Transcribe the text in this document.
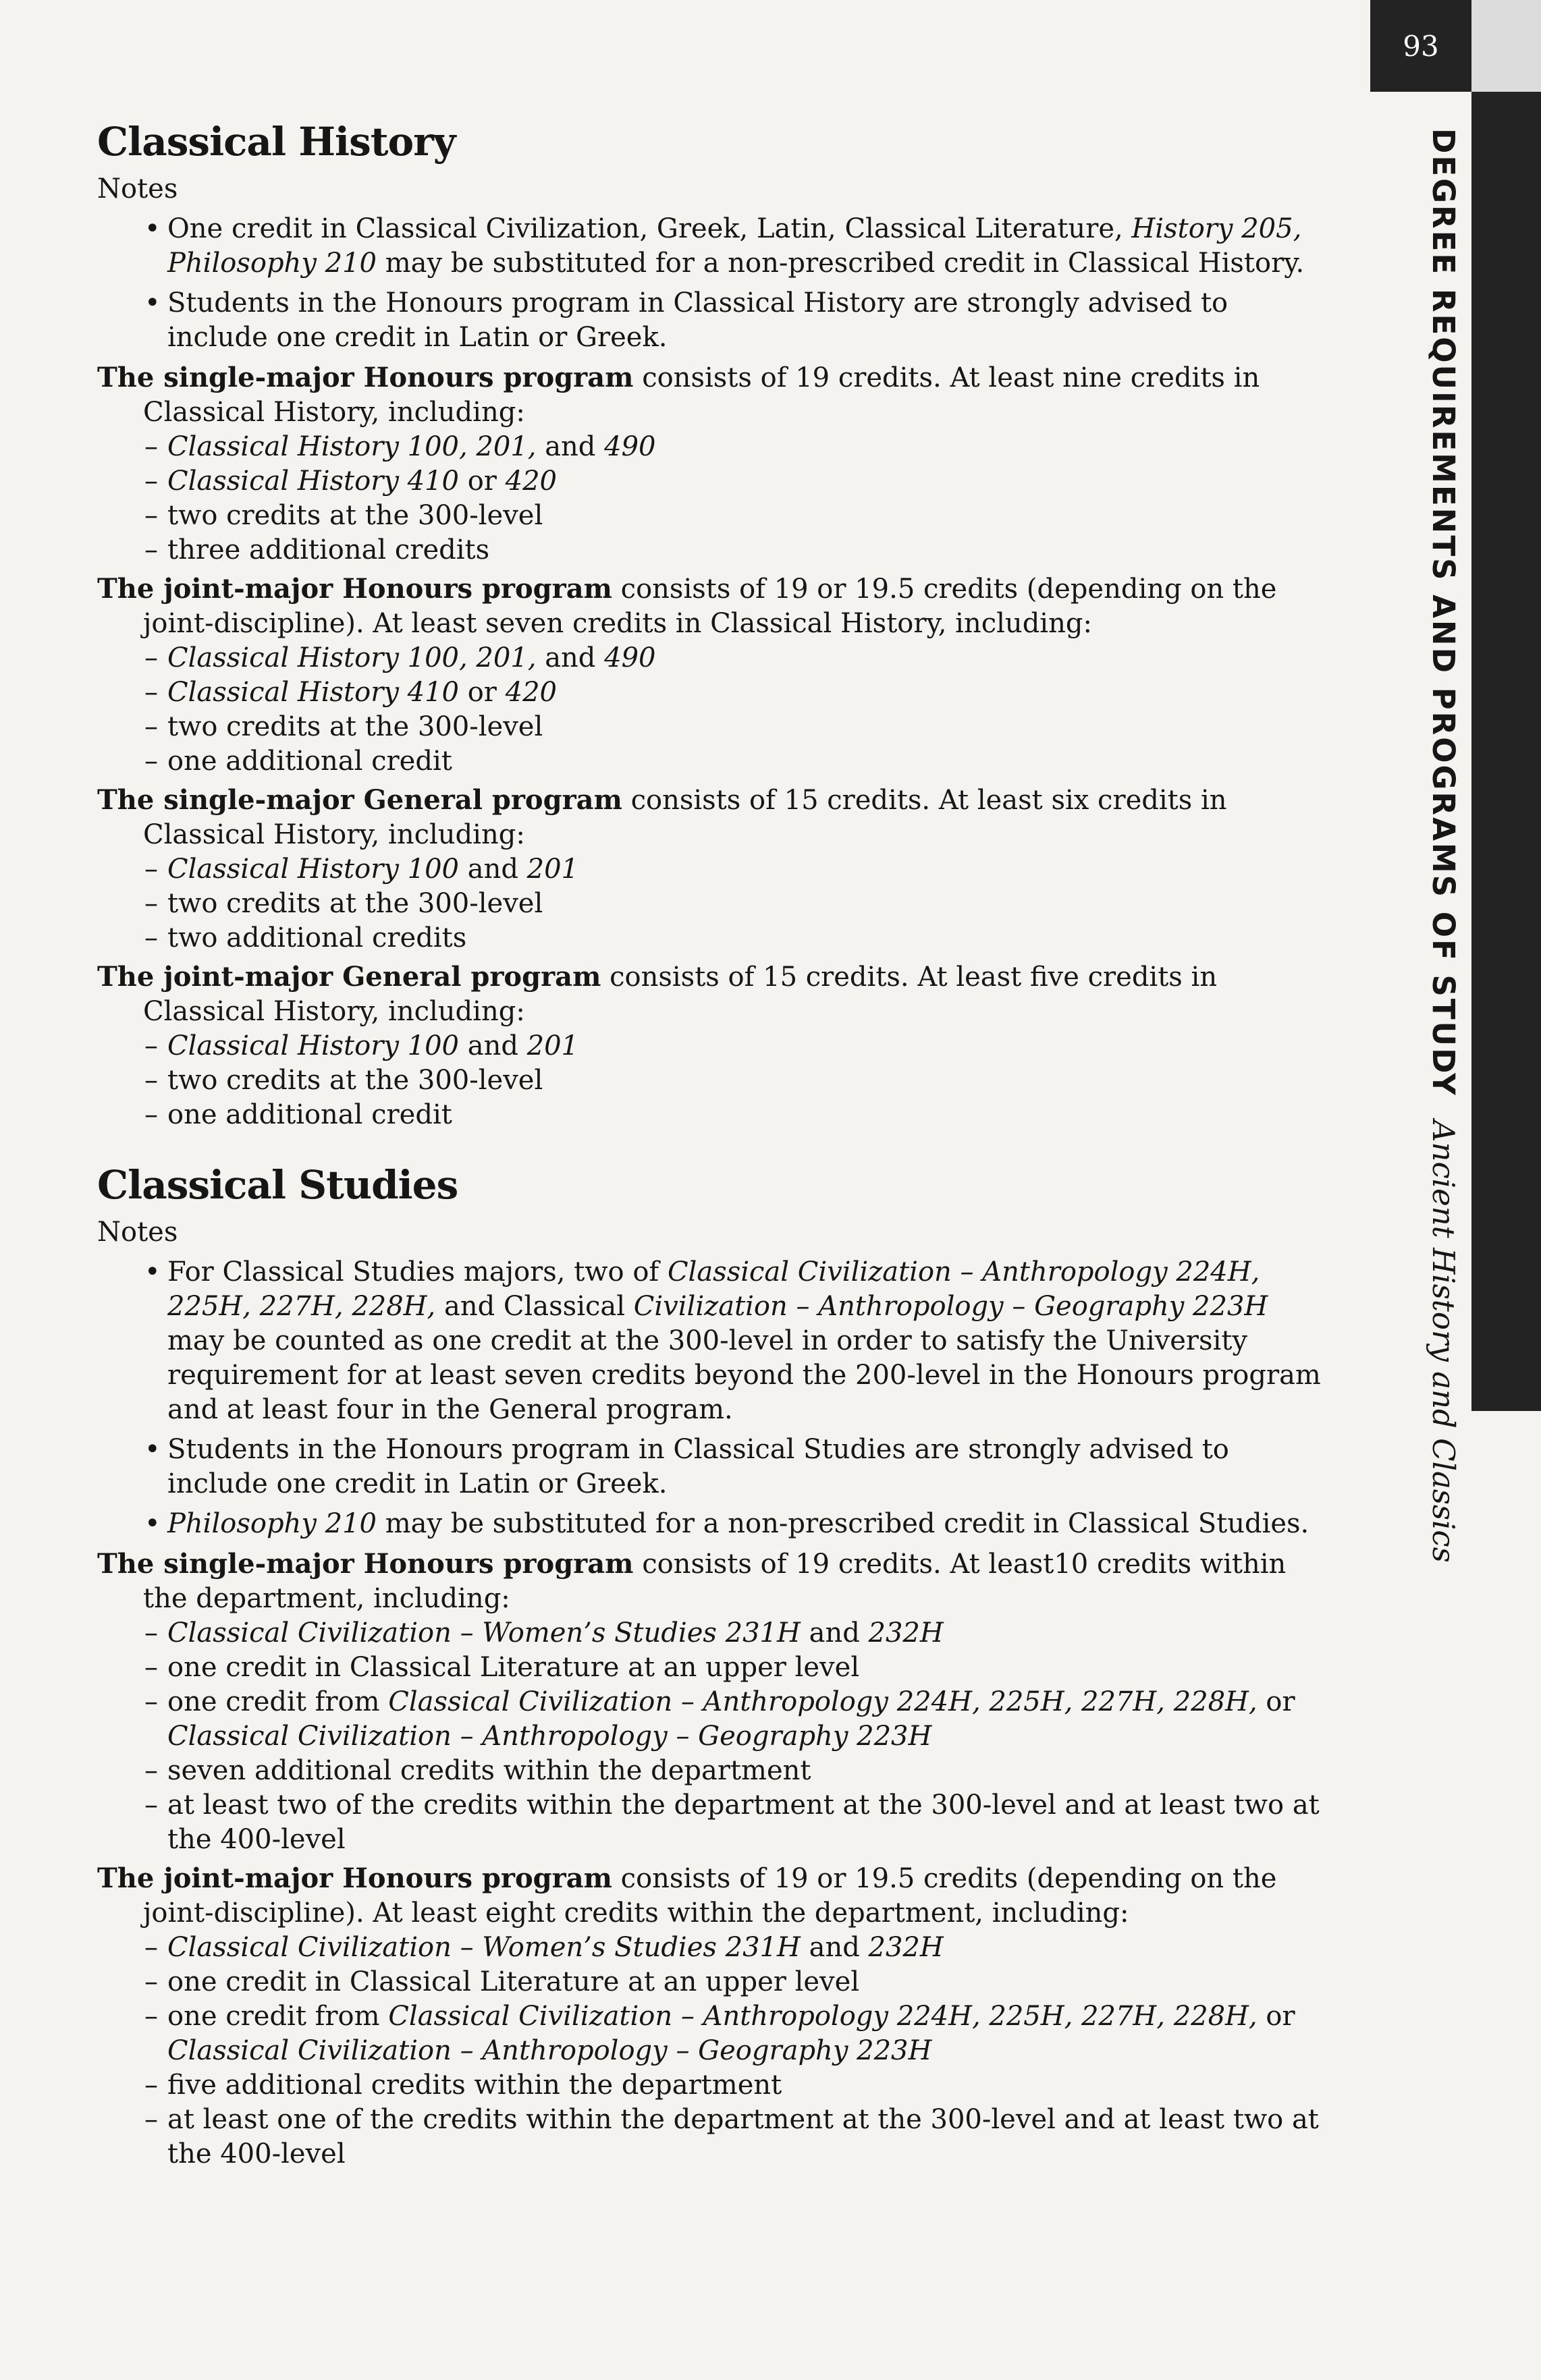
93
DEGREE REQUIREMENTS AND PROGRAMS OF STUDYAncient History and Classics
Classical History
Notes
• One credit in Classical Civilization, Greek, Latin, Classical Literature, History 205, Philosophy 210 may be substituted for a non-prescribed credit in Classical History.
• Students in the Honours program in Classical History are strongly advised to include one credit in Latin or Greek.
The single-major Honours program consists of 19 credits. At least nine credits in Classical History, including:
– Classical History 100, 201, and 490
– Classical History 410 or 420
– two credits at the 300-level
– three additional credits
The joint-major Honours program consists of 19 or 19.5 credits (depending on the joint-discipline). At least seven credits in Classical History, including:
– Classical History 100, 201, and 490
– Classical History 410 or 420
– two credits at the 300-level
– one additional credit
The single-major General program consists of 15 credits. At least six credits in Classical History, including:
– Classical History 100 and 201
– two credits at the 300-level
– two additional credits
The joint-major General program consists of 15 credits. At least five credits in Classical History, including:
– Classical History 100 and 201
– two credits at the 300-level
– one additional credit
Classical Studies
Notes
• For Classical Studies majors, two of Classical Civilization – Anthropology 224H, 225H, 227H, 228H, and Classical Civilization – Anthropology – Geography 223H may be counted as one credit at the 300-level in order to satisfy the University requirement for at least seven credits beyond the 200-level in the Honours program and at least four in the General program.
• Students in the Honours program in Classical Studies are strongly advised to include one credit in Latin or Greek.
• Philosophy 210 may be substituted for a non-prescribed credit in Classical Studies.
The single-major Honours program consists of 19 credits. At least10 credits within the department, including:
– Classical Civilization – Women’s Studies 231H and 232H
– one credit in Classical Literature at an upper level
– one credit from Classical Civilization – Anthropology 224H, 225H, 227H, 228H, or Classical Civilization – Anthropology – Geography 223H
– seven additional credits within the department
– at least two of the credits within the department at the 300-level and at least two at the 400-level
The joint-major Honours program consists of 19 or 19.5 credits (depending on the joint-discipline). At least eight credits within the department, including:
– Classical Civilization – Women’s Studies 231H and 232H
– one credit in Classical Literature at an upper level
– one credit from Classical Civilization – Anthropology 224H, 225H, 227H, 228H, or Classical Civilization – Anthropology – Geography 223H
– five additional credits within the department
– at least one of the credits within the department at the 300-level and at least two at the 400-level
